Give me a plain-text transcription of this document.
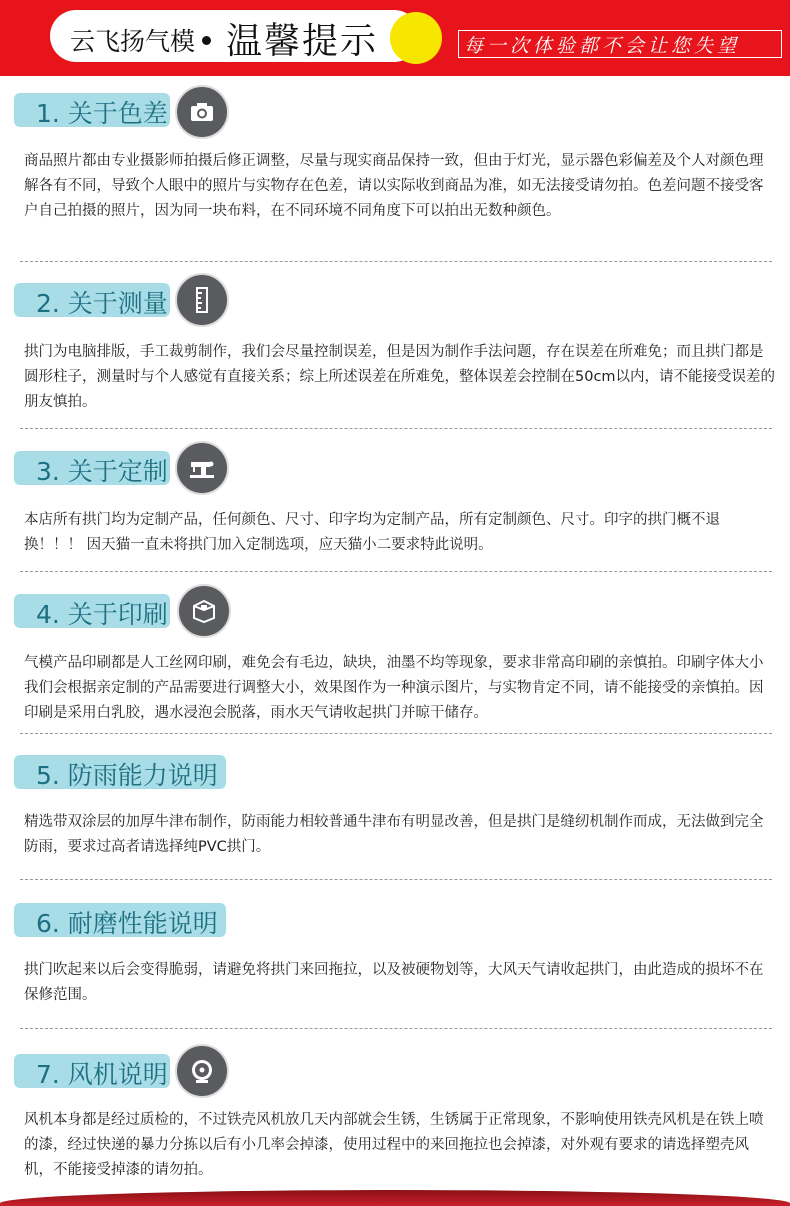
云飞扬气模 温馨提示	每一次体验都不会让您失望
1. 关于色差

商品照片都由专业摄影师拍摄后修正调整，尽量与现实商品保持一致，但由于灯光，显示器色彩偏差及个人对颜色理解各有不同，导致个人眼中的照片与实物存在色差，请以实际收到商品为准，如无法接受请勿拍。色差问题不接受客户自己拍摄的照片，因为同一块布料，在不同环境不同角度下可以拍出无数种颜色。

2. 关于测量

拱门为电脑排版，手工裁剪制作，我们会尽量控制误差，但是因为制作手法问题，存在误差在所难免；而且拱门都是圆形柱子，测量时与个人感觉有直接关系；综上所述误差在所难免，整体误差会控制在50cm以内，请不能接受误差的朋友慎拍。

3. 关于定制

本店所有拱门均为定制产品，任何颜色、尺寸、印字均为定制产品，所有定制颜色、尺寸。印字的拱门概不退换！！！ 因天猫一直未将拱门加入定制选项，应天猫小二要求特此说明。

4. 关于印刷

气模产品印刷都是人工丝网印刷，难免会有毛边，缺块，油墨不均等现象，要求非常高印刷的亲慎拍。印刷字体大小我们会根据亲定制的产品需要进行调整大小，效果图作为一种演示图片，与实物肯定不同，请不能接受的亲慎拍。因印刷是采用白乳胶，遇水浸泡会脱落，雨水天气请收起拱门并晾干储存。

5. 防雨能力说明

精选带双涂层的加厚牛津布制作，防雨能力相较普通牛津布有明显改善，但是拱门是缝纫机制作而成，无法做到完全防雨，要求过高者请选择纯PVC拱门。

6. 耐磨性能说明

拱门吹起来以后会变得脆弱，请避免将拱门来回拖拉，以及被硬物划等，大风天气请收起拱门，由此造成的损坏不在保修范围。

7. 风机说明

风机本身都是经过质检的，不过铁壳风机放几天内部就会生锈，生锈属于正常现象，不影响使用铁壳风机是在铁上喷的漆，经过快递的暴力分拣以后有小几率会掉漆，使用过程中的来回拖拉也会掉漆，对外观有要求的请选择塑壳风机，不能接受掉漆的请勿拍。
